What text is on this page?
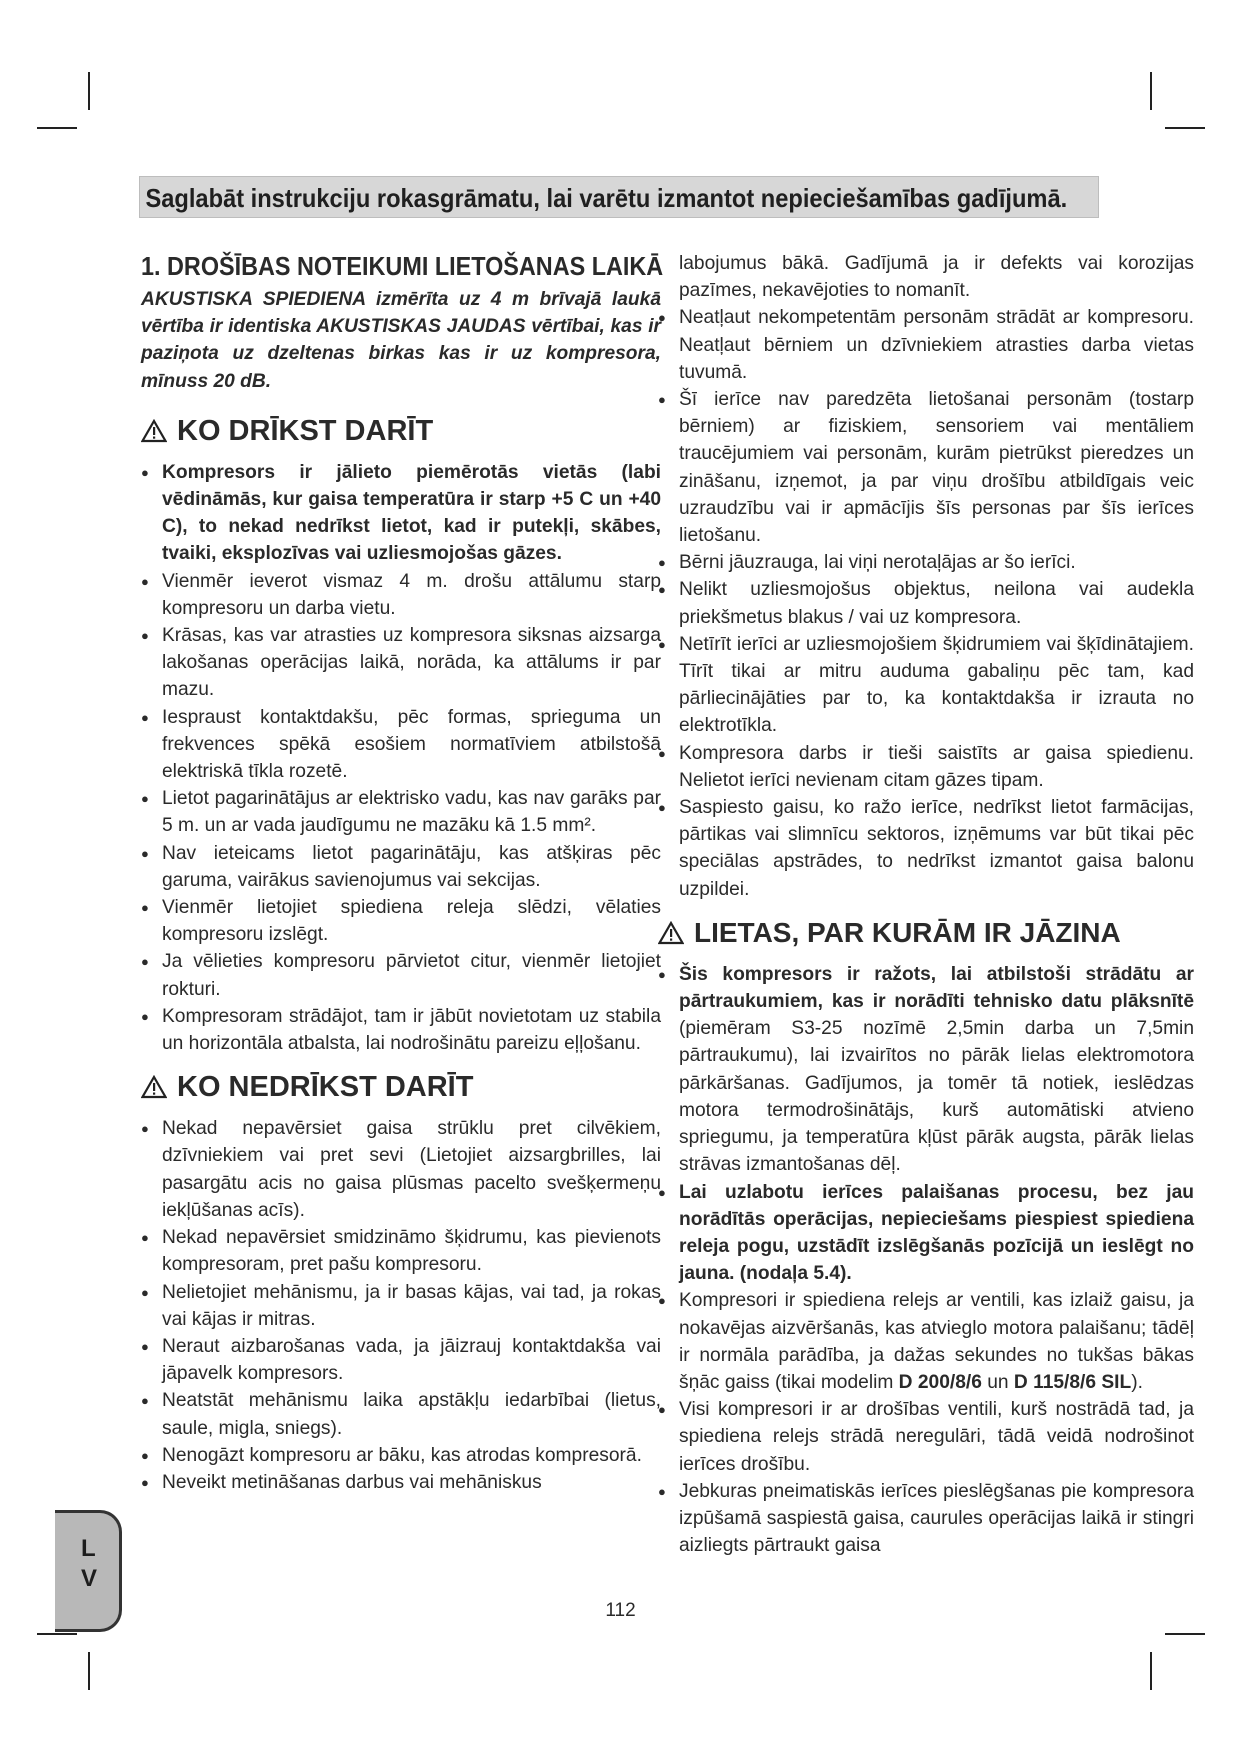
Saglabāt instrukciju rokasgrāmatu, lai varētu izmantot nepieciešamības gadījumā.
1. DROŠĪBAS NOTEIKUMI LIETOŠANAS LAIKĀ
AKUSTISKA SPIEDIENA izmērīta uz 4 m brīvajā laukā vērtība ir identiska AKUSTISKAS JAUDAS vērtībai, kas ir paziņota uz dzeltenas birkas kas ir uz kompresora, mīnuss 20 dB.
KO DRĪKST DARĪT
● Kompresors ir jālieto piemērotās vietās (labi vēdināmās, kur gaisa temperatūra ir starp +5 C un +40 C), to nekad nedrīkst lietot, kad ir putekļi, skābes, tvaiki, eksplozīvas vai uzliesmojošas gāzes.
● Vienmēr ieverot vismaz 4 m. drošu attālumu starp kompresoru un darba vietu.
● Krāsas, kas var atrasties uz kompresora siksnas aizsarga lakošanas operācijas laikā, norāda, ka attālums ir par mazu.
● Iespraust kontaktdakšu, pēc formas, sprieguma un frekvences spēkā esošiem normatīviem atbilstošā elektriskā tīkla rozetē.
● Lietot pagarinātājus ar elektrisko vadu, kas nav garāks par 5 m. un ar vada jaudīgumu ne mazāku kā 1.5 mm².
● Nav ieteicams lietot pagarinātāju, kas atšķiras pēc garuma, vairākus savienojumus vai sekcijas.
● Vienmēr lietojiet spiediena releja slēdzi, vēlaties kompresoru izslēgt.
● Ja vēlieties kompresoru pārvietot citur, vienmēr lietojiet rokturi.
● Kompresoram strādājot, tam ir jābūt novietotam uz stabila un horizontāla atbalsta, lai nodrošinātu pareizu eļļošanu.
KO NEDRĪKST DARĪT
● Nekad nepavērsiet gaisa strūklu pret cilvēkiem, dzīvniekiem vai pret sevi (Lietojiet aizsargbrilles, lai pasargātu acis no gaisa plūsmas pacelto svešķermeņu iekļūšanas acīs).
● Nekad nepavērsiet smidzināmo šķidrumu, kas pievienots kompresoram, pret pašu kompresoru.
● Nelietojiet mehānismu, ja ir basas kājas, vai tad, ja rokas vai kājas ir mitras.
● Neraut aizbarošanas vada, ja jāizrauj kontaktdakša vai jāpavelk kompresors.
● Neatstāt mehānismu laika apstākļu iedarbībai (lietus, saule, migla, sniegs).
● Nenogāzt kompresoru ar bāku, kas atrodas kompresorā.
● Neveikt metināšanas darbus vai mehāniskus
labojumus bākā. Gadījumā ja ir defekts vai korozijas pazīmes, nekavējoties to nomanīt.
● Neatļaut nekompetentām personām strādāt ar kompresoru. Neatļaut bērniem un dzīvniekiem atrasties darba vietas tuvumā.
● Šī ierīce nav paredzēta lietošanai personām (tostarp bērniem) ar fiziskiem, sensoriem vai mentāliem traucējumiem vai personām, kurām pietrūkst pieredzes un zināšanu, izņemot, ja par viņu drošību atbildīgais veic uzraudzību vai ir apmācījis šīs personas par šīs ierīces lietošanu.
● Bērni jāuzrauga, lai viņi nerotaļājas ar šo ierīci.
● Nelikt uzliesmojošus objektus, neilona vai audekla priekšmetus blakus / vai uz kompresora.
● Netīrīt ierīci ar uzliesmojošiem šķidrumiem vai šķīdinātajiem. Tīrīt tikai ar mitru auduma gabaliņu pēc tam, kad pārliecinājāties par to, ka kontaktdakša ir izrauta no elektrotīkla.
● Kompresora darbs ir tieši saistīts ar gaisa spiedienu. Nelietot ierīci nevienam citam gāzes tipam.
● Saspiesto gaisu, ko ražo ierīce, nedrīkst lietot farmācijas, pārtikas vai slimnīcu sektoros, izņēmums var būt tikai pēc speciālas apstrādes, to nedrīkst izmantot gaisa balonu uzpildei.
LIETAS, PAR KURĀM IR JĀZINA
● Šis kompresors ir ražots, lai atbilstoši strādātu ar pārtraukumiem, kas ir norādīti tehnisko datu plāksnītē (piemēram S3-25 nozīmē 2,5min darba un 7,5min pārtraukumu), lai izvairītos no pārāk lielas elektromotora pārkāršanas. Gadījumos, ja tomēr tā notiek, ieslēdzas motora termodrošinātājs, kurš automātiski atvieno spriegumu, ja temperatūra kļūst pārāk augsta, pārāk lielas strāvas izmantošanas dēļ.
● Lai uzlabotu ierīces palaišanas procesu, bez jau norādītās operācijas, nepieciešams piespiest spiediena releja pogu, uzstādīt izslēgšanās pozīcijā un ieslēgt no jauna. (nodaļa 5.4).
● Kompresori ir spiediena relejs ar ventili, kas izlaiž gaisu, ja nokavējas aizvēršanās, kas atvieglo motora palaišanu; tādēļ ir normāla parādība, ja dažas sekundes no tukšas bākas šņāc gaiss (tikai modelim D 200/8/6 un D 115/8/6 SIL).
● Visi kompresori ir ar drošības ventili, kurš nostrādā tad, ja spiediena relejs strādā neregulāri, tādā veidā nodrošinot ierīces drošību.
● Jebkuras pneimatiskās ierīces pieslēgšanas pie kompresora izpūšamā saspiestā gaisa, caurules operācijas laikā ir stingri aizliegts pārtraukt gaisa
112
L
V
